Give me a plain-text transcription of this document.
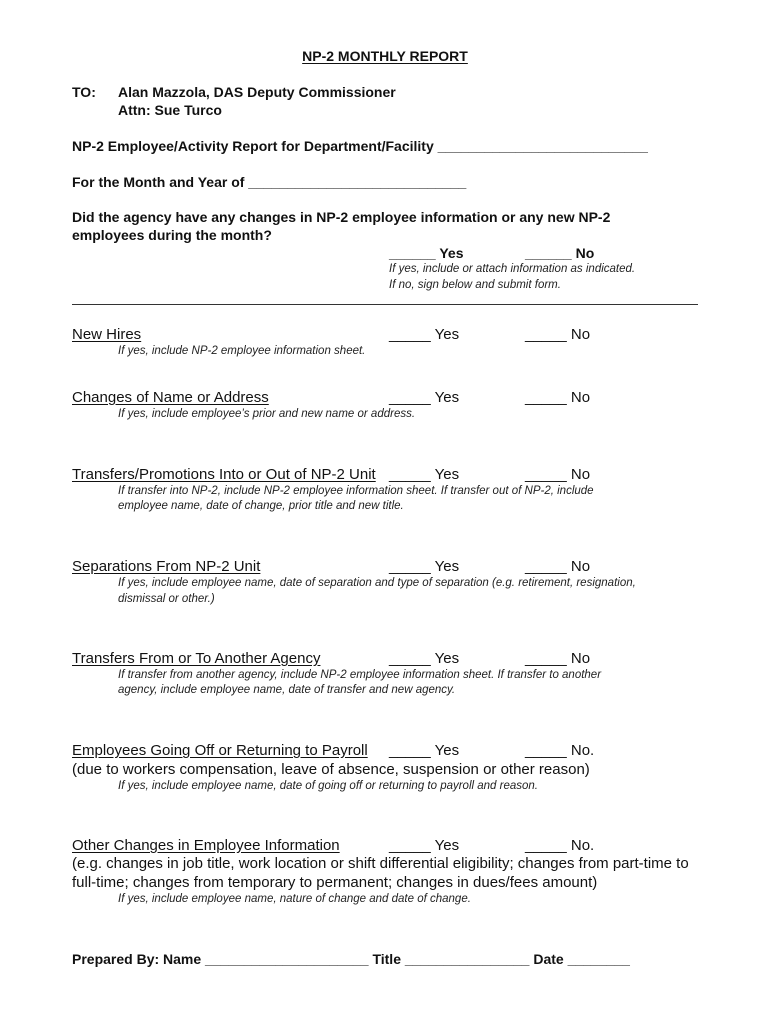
NP-2 MONTHLY REPORT
TO: Alan Mazzola, DAS Deputy Commissioner
Attn: Sue Turco
NP-2 Employee/Activity Report for Department/Facility ___________________________
For the Month and Year of ____________________________
Did the agency have any changes in NP-2 employee information or any new NP-2
employees during the month?
______ Yes	______ No
If yes, include or attach information as indicated.
If no, sign below and submit form.
New Hires	_____ Yes	_____ No
If yes, include NP-2 employee information sheet.
Changes of Name or Address	_____ Yes	_____ No
If yes, include employee’s prior and new name or address.
Transfers/Promotions Into or Out of NP-2 Unit _____ Yes	_____ No
If transfer into NP-2, include NP-2 employee information sheet. If transfer out of NP-2, include
employee name, date of change, prior title and new title.
Separations From NP-2 Unit	_____ Yes	_____ No
If yes, include employee name, date of separation and type of separation (e.g. retirement, resignation,
dismissal or other.)
Transfers From or To Another Agency	_____ Yes	_____ No
If transfer from another agency, include NP-2 employee information sheet. If transfer to another
agency, include employee name, date of transfer and new agency.
Employees Going Off or Returning to Payroll _____ Yes	_____ No.
(due to workers compensation, leave of absence, suspension or other reason)
If yes, include employee name, date of going off or returning to payroll and reason.
Other Changes in Employee Information	_____ Yes	_____ No.
(e.g. changes in job title, work location or shift differential eligibility; changes from part-time to
full-time; changes from temporary to permanent; changes in dues/fees amount)
If yes, include employee name, nature of change and date of change.
Prepared By: Name _____________________ Title ________________ Date ________
